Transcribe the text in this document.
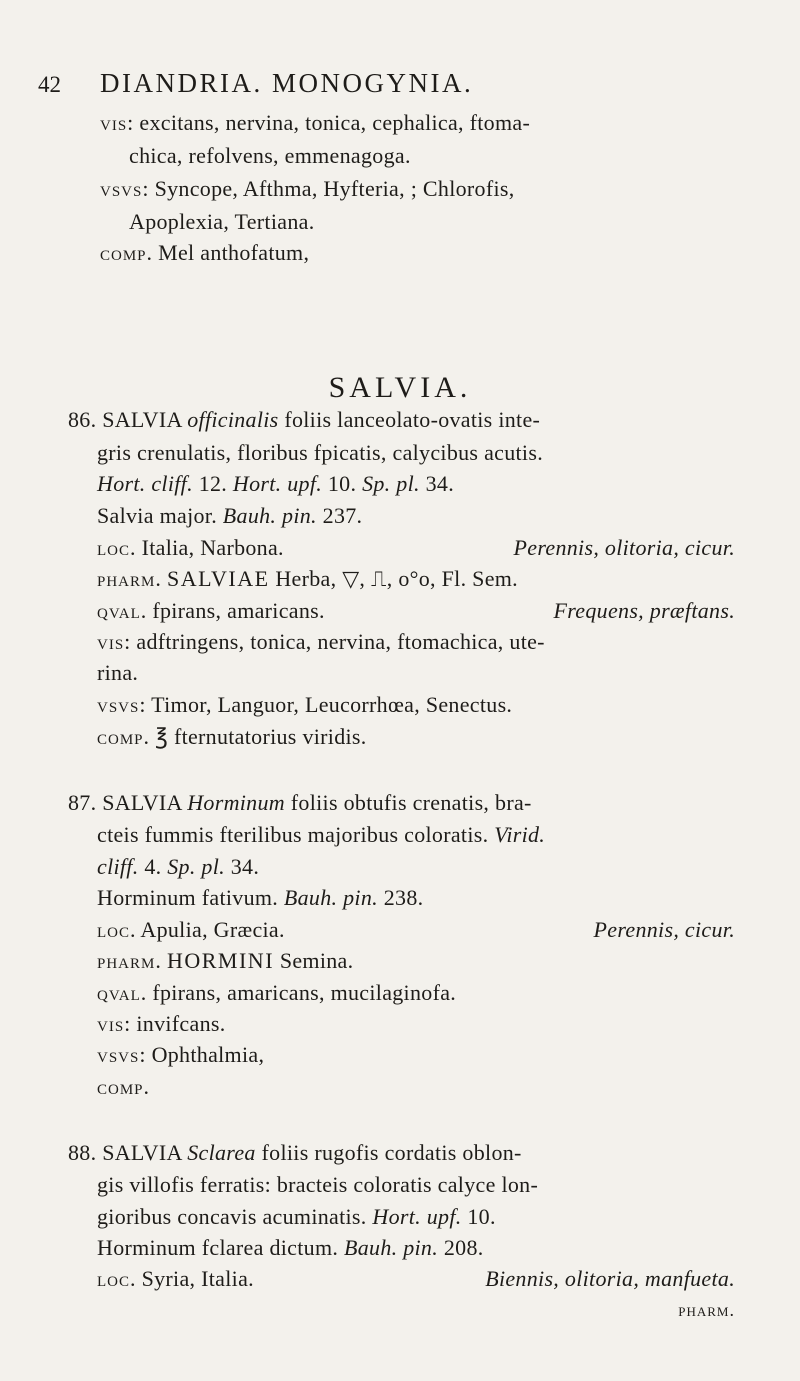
42 DIANDRIA. MONOGYNIA.
SALVIA.
vis: excitans, nervina, tonica, cephalica, ftoma-
chica, refolvens, emmenagoga.
vsvs: Syncope, Afthma, Hyfteria, ; Chlorofis,
Apoplexia, Tertiana.
comp. Mel anthofatum,
86. SALVIA officinalis foliis lanceolato-ovatis inte-
gris crenulatis, floribus fpicatis, calycibus acutis.
Hort. cliff. 12. Hort. upf. 10. Sp. pl. 34.
Salvia major. Bauh. pin. 237.
loc. Italia, Narbona.	Perennis, olitoria, cicur.
pharm. SALVIAE Herba, ▽, ⎍, o°o, Fl. Sem.
qval. fpirans, amaricans.	Frequens, præftans.
vis: adftringens, tonica, nervina, ftomachica, ute-
rina.
vsvs: Timor, Languor, Leucorrhœa, Senectus.
comp. ℥ fternutatorius viridis.
87. SALVIA Horminum foliis obtufis crenatis, bra-
cteis fummis fterilibus majoribus coloratis. Virid.
cliff. 4. Sp. pl. 34.
Horminum fativum. Bauh. pin. 238.
loc. Apulia, Græcia.	Perennis, cicur.
pharm. HORMINI Semina.
qval. fpirans, amaricans, mucilaginofa.
vis: invifcans.
vsvs: Ophthalmia,
comp.
88. SALVIA Sclarea foliis rugofis cordatis oblon-
gis villofis ferratis: bracteis coloratis calyce lon-
gioribus concavis acuminatis. Hort. upf. 10.
Horminum fclarea dictum. Bauh. pin. 208.
loc. Syria, Italia.	Biennis, olitoria, manfueta.
pharm.
